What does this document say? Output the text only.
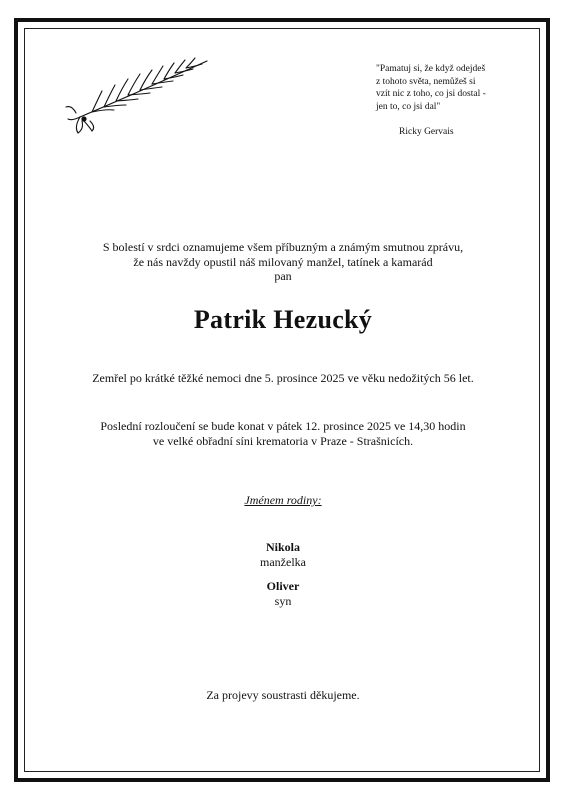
"Pamatuj si, že když odejdeš
z tohoto světa, nemůžeš si
vzít nic z toho, co jsi dostal -
jen to, co jsi dal"
Ricky Gervais
S bolestí v srdci oznamujeme všem příbuzným a známým smutnou zprávu,
že nás navždy opustil náš milovaný manžel, tatínek a kamarád
pan
Patrik Hezucký
Zemřel po krátké těžké nemoci dne 5. prosince 2025 ve věku nedožitých 56 let.
Poslední rozloučení se bude konat v pátek 12. prosince 2025 ve 14,30 hodin
ve velké obřadní síni krematoria v Praze - Strašnicích.
Jménem rodiny:
Nikola
manželka
Oliver
syn
Za projevy soustrasti děkujeme.
